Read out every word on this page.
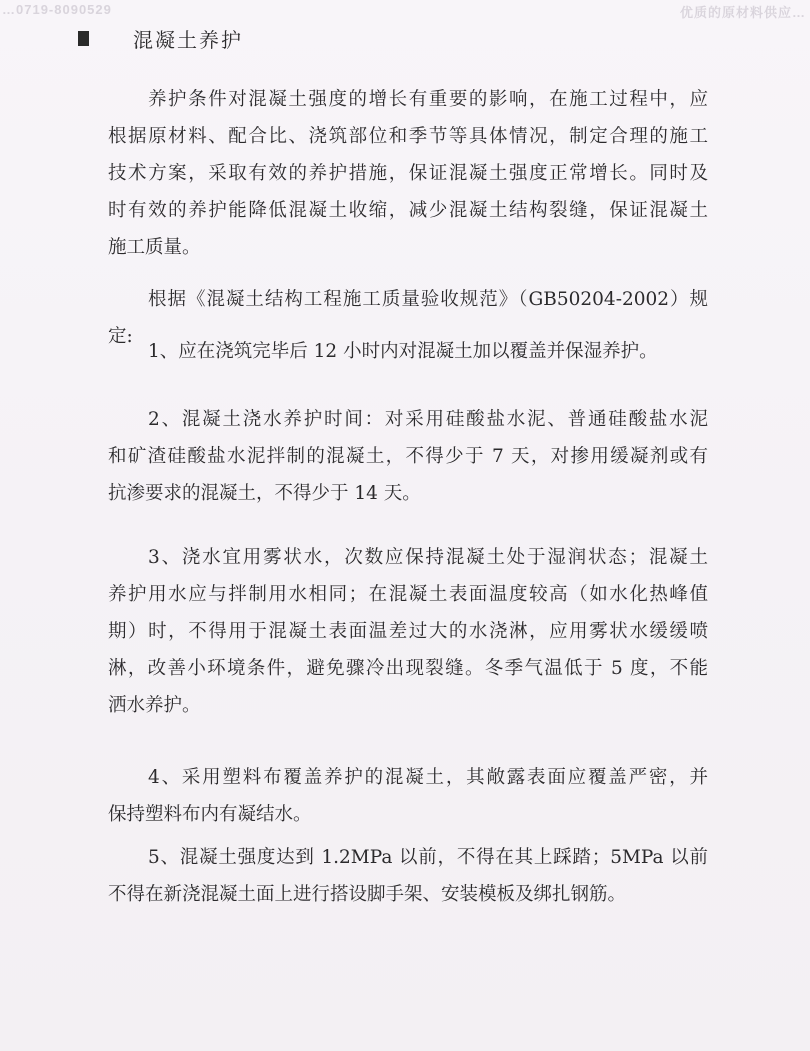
…0719-8090529	优质的原材料供应…
混凝土养护
养护条件对混凝土强度的增长有重要的影响，在施工过程中，应
根据原材料、配合比、浇筑部位和季节等具体情况，制定合理的施工
技术方案，采取有效的养护措施，保证混凝土强度正常增长。同时及
时有效的养护能降低混凝土收缩，减少混凝土结构裂缝，保证混凝土
施工质量。
根据《混凝土结构工程施工质量验收规范》（GB50204-2002）规
定:
1、应在浇筑完毕后 12 小时内对混凝土加以覆盖并保湿养护。
2、混凝土浇水养护时间：对采用硅酸盐水泥、普通硅酸盐水泥
和矿渣硅酸盐水泥拌制的混凝土，不得少于 7 天，对掺用缓凝剂或有
抗渗要求的混凝土，不得少于 14 天。
3、浇水宜用雾状水，次数应保持混凝土处于湿润状态；混凝土
养护用水应与拌制用水相同；在混凝土表面温度较高（如水化热峰值
期）时，不得用于混凝土表面温差过大的水浇淋，应用雾状水缓缓喷
淋，改善小环境条件，避免骤冷出现裂缝。冬季气温低于 5 度，不能
洒水养护。
4、采用塑料布覆盖养护的混凝土，其敞露表面应覆盖严密，并
保持塑料布内有凝结水。
5、混凝土强度达到 1.2MPa 以前，不得在其上踩踏；5MPa 以前
不得在新浇混凝土面上进行搭设脚手架、安装模板及绑扎钢筋。
